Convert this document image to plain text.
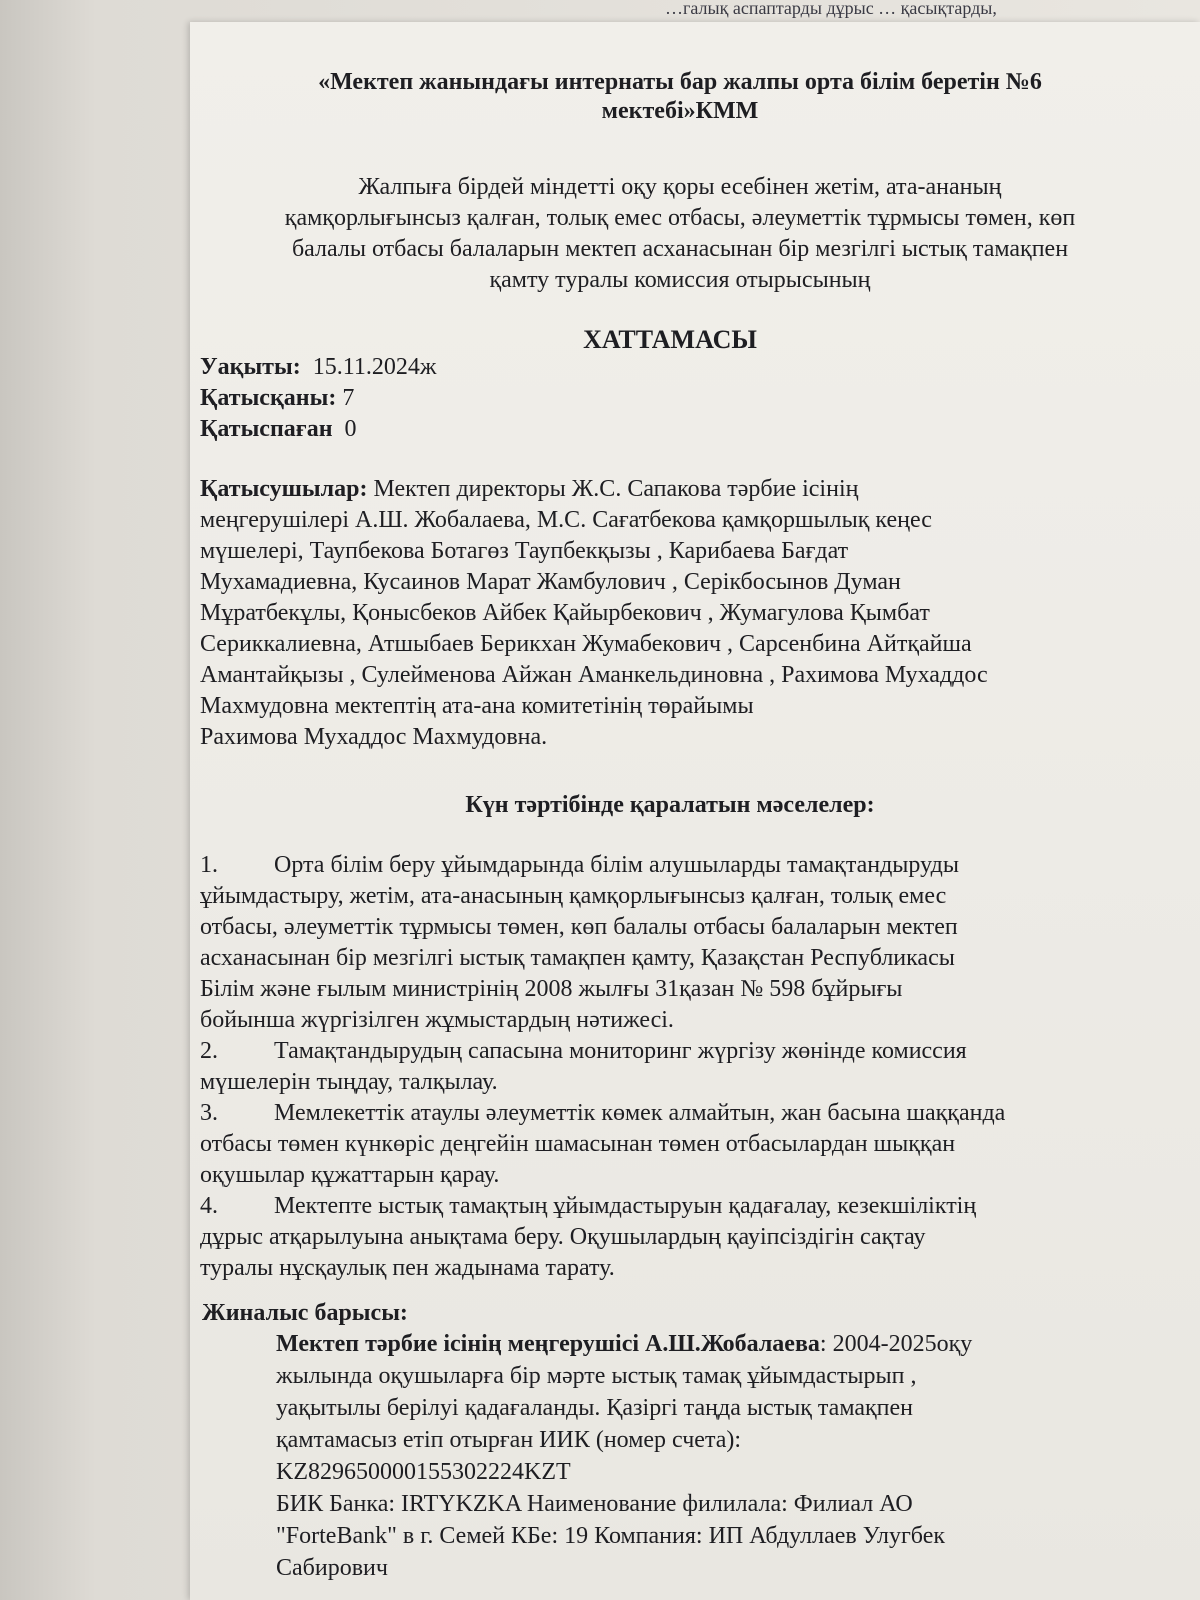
…галық аспаптарды дұрыс … қасықтарды,
«Мектеп жанындағы интернаты бар жалпы орта білім беретін №6
мектебі»КММ
Жалпыға бірдей міндетті оқу қоры есебінен жетім, ата-ананың
қамқорлығынсыз қалған, толық емес отбасы, әлеуметтік тұрмысы төмен, көп
балалы отбасы балаларын мектеп асханасынан бір мезгілгі ыстық тамақпен
қамту туралы комиссия отырысының
ХАТТАМАСЫ
Уақыты: 15.11.2024ж
Қатысқаны: 7
Қатыспаған 0
Қатысушылар: Мектеп директоры Ж.С. Сапакова тәрбие ісінің
меңгерушілері А.Ш. Жобалаева, М.С. Сағатбекова қамқоршылық кеңес
мүшелері, Таупбекова Ботагөз Таупбекқызы , Карибаева Бағдат
Мухамадиевна, Кусаинов Марат Жамбулович , Серікбосынов Думан
Мұратбекұлы, Қонысбеков Айбек Қайырбекович , Жумагулова Қымбат
Сериккалиевна, Атшыбаев Берикхан Жумабекович , Сарсенбина Айтқайша
Амантайқызы , Сулейменова Айжан Аманкельдиновна , Рахимова Мухаддос
Махмудовна мектептің ата-ана комитетінің төрайымы
Рахимова Мухаддос Махмудовна.
Күн тәртібінде қаралатын мәселелер:
1. Орта білім беру ұйымдарында білім алушыларды тамақтандыруды
ұйымдастыру, жетім, ата-анасының қамқорлығынсыз қалған, толық емес
отбасы, әлеуметтік тұрмысы төмен, көп балалы отбасы балаларын мектеп
асханасынан бір мезгілгі ыстық тамақпен қамту, Қазақстан Республикасы
Білім және ғылым министрінің 2008 жылғы 31қазан № 598 бұйрығы
бойынша жүргізілген жұмыстардың нәтижесі.
2. Тамақтандырудың сапасына мониторинг жүргізу жөнінде комиссия
мүшелерін тыңдау, талқылау.
3. Мемлекеттік атаулы әлеуметтік көмек алмайтын, жан басына шаққанда
отбасы төмен күнкөріс деңгейін шамасынан төмен отбасылардан шыққан
оқушылар құжаттарын қарау.
4. Мектепте ыстық тамақтың ұйымдастыруын қадағалау, кезекшіліктің
дұрыс атқарылуына анықтама беру. Оқушылардың қауіпсіздігін сақтау
туралы нұсқаулық пен жадынама тарату.
Жиналыс барысы:
Мектеп тәрбие ісінің меңгерушісі А.Ш.Жобалаева: 2004-2025оқу
жылында оқушыларға бір мәрте ыстық тамақ ұйымдастырып ,
уақытылы берілуі қадағаланды. Қазіргі таңда ыстық тамақпен
қамтамасыз етіп отырған ИИК (номер счета):
KZ829650000155302224KZT
БИК Банка: IRTYKZKA Наименование филилала: Филиал АО
"ForteBank" в г. Семей КБе: 19 Компания: ИП Абдуллаев Улугбек
Сабирович
